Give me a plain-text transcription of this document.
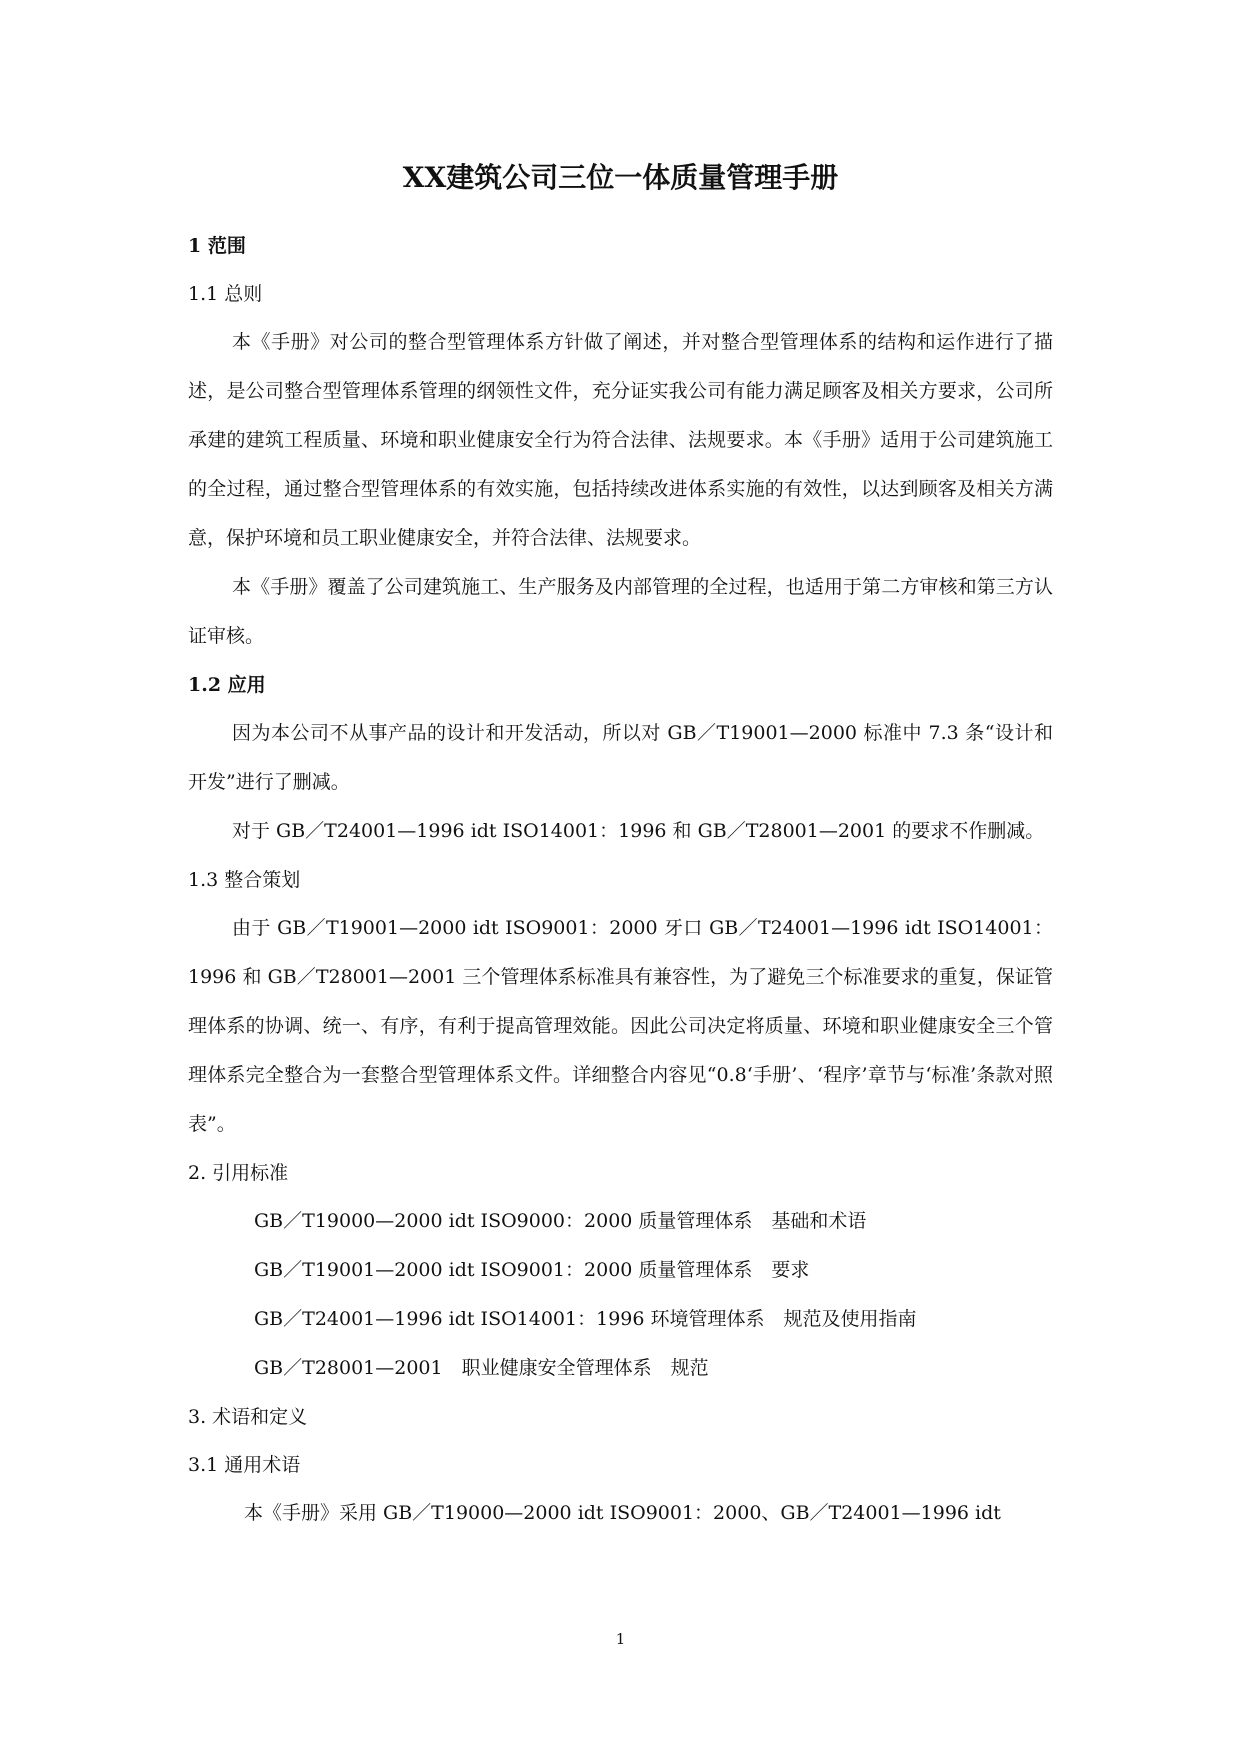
XX建筑公司三位一体质量管理手册

1 范围

1.1 总则

本《手册》对公司的整合型管理体系方针做了阐述，并对整合型管理体系的结构和运作进行了描述，是公司整合型管理体系管理的纲领性文件，充分证实我公司有能力满足顾客及相关方要求，公司所承建的建筑工程质量、环境和职业健康安全行为符合法律、法规要求。本《手册》适用于公司建筑施工的全过程，通过整合型管理体系的有效实施，包括持续改进体系实施的有效性，以达到顾客及相关方满意，保护环境和员工职业健康安全，并符合法律、法规要求。

本《手册》覆盖了公司建筑施工、生产服务及内部管理的全过程，也适用于第二方审核和第三方认证审核。

1.2 应用

因为本公司不从事产品的设计和开发活动，所以对 GB／T19001—2000 标准中 7.3 条“设计和开发”进行了删减。

对于 GB／T24001—1996 idt ISO14001：1996 和 GB／T28001—2001 的要求不作删减。

1.3 整合策划

由于 GB／T19001—2000 idt ISO9001：2000 牙口 GB／T24001—1996 idt ISO14001：1996 和 GB／T28001—2001 三个管理体系标准具有兼容性，为了避免三个标准要求的重复，保证管理体系的协调、统一、有序，有利于提高管理效能。因此公司决定将质量、环境和职业健康安全三个管理体系完全整合为一套整合型管理体系文件。详细整合内容见“0.8‘手册’、‘程序’章节与‘标准’条款对照表”。

2. 引用标准

GB／T19000—2000 idt ISO9000：2000 质量管理体系　基础和术语

GB／T19001—2000 idt ISO9001：2000 质量管理体系　要求

GB／T24001—1996 idt ISO14001：1996 环境管理体系　规范及使用指南

GB／T28001—2001　职业健康安全管理体系　规范

3. 术语和定义

3.1 通用术语

本《手册》采用 GB／T19000—2000 idt ISO9001：2000、GB／T24001—1996 idt

1
